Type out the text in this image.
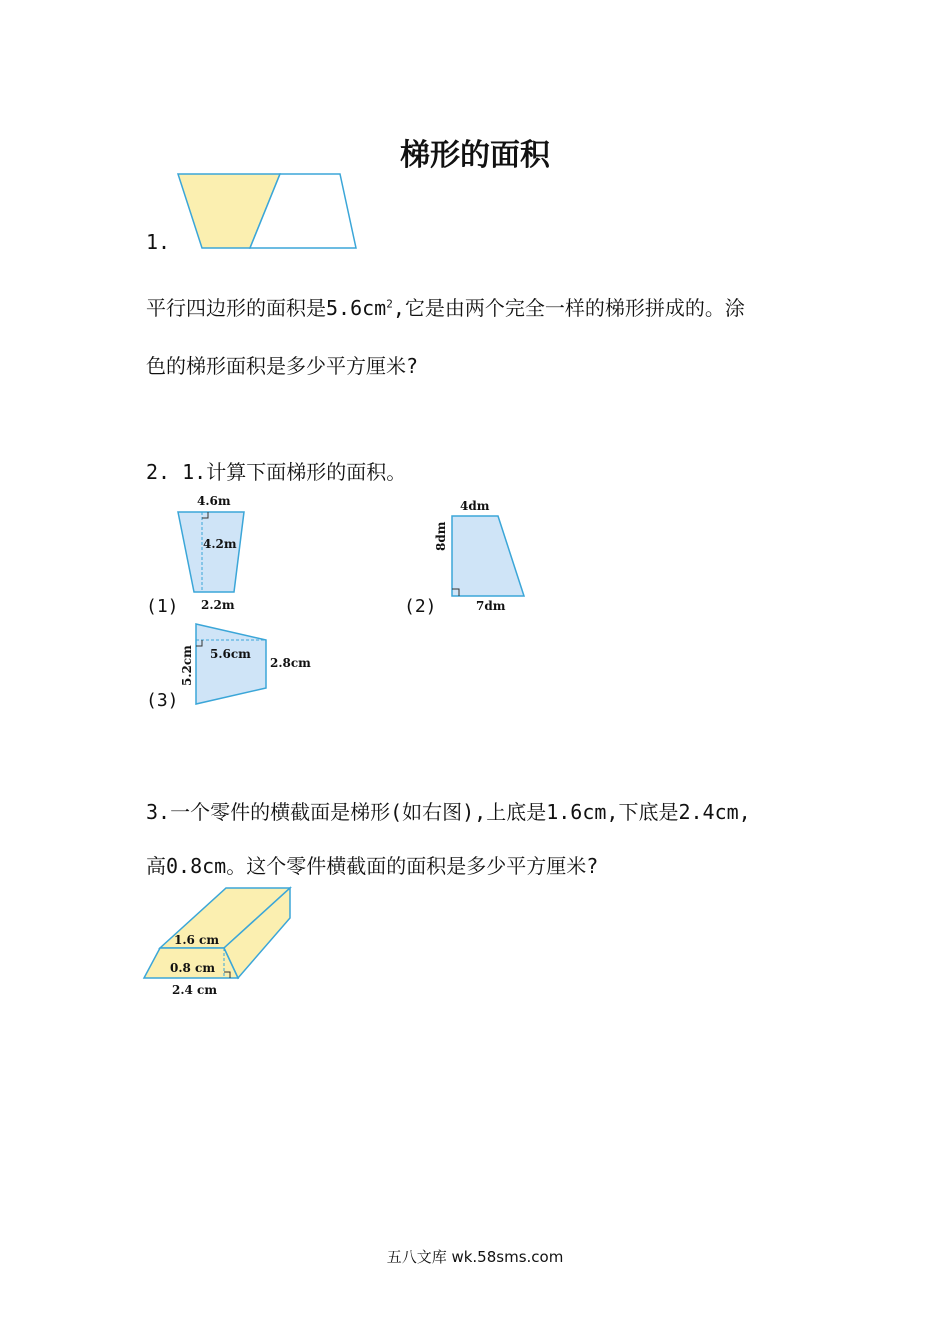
梯形的面积
1.
平行四边形的面积是$5.6cm^2$,它是由两个完全一样的梯形拼成的。涂
色的梯形面积是多少平方厘米?
2. 1.计算下面梯形的面积。
4.6m
4.2m
2.2m
(1)
4dm
8dm
7dm
(2)
5.2cm 5.6cm
2.8cm
(3)
3.一个零件的横截面是梯形(如右图),上底是1.6cm,下底是2.4cm,
高0.8cm。这个零件横截面的面积是多少平方厘米?
1.6 cm
0.8 cm
2.4 cm
五八文库 wk.58sms.com
